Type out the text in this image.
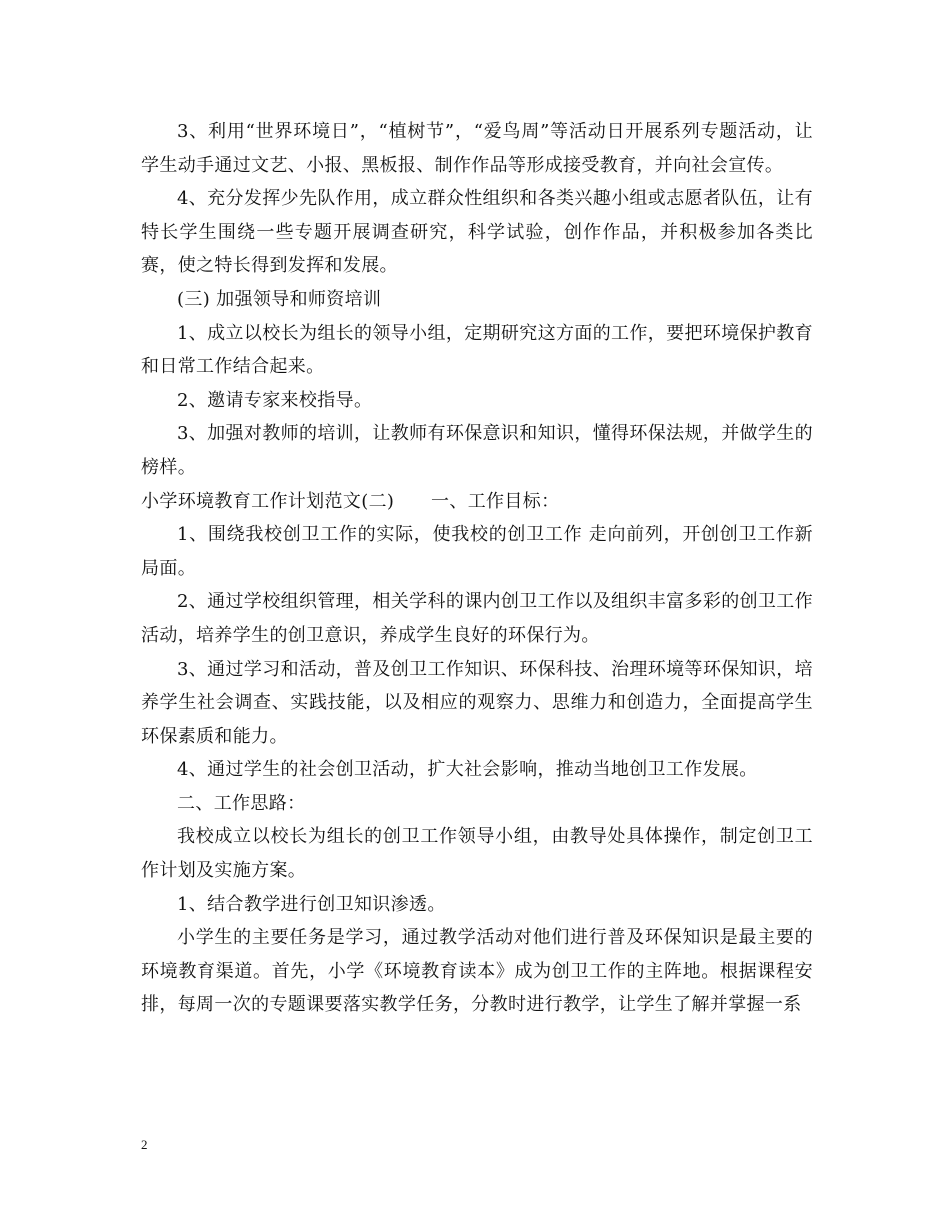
3、利用“世界环境日”，“植树节”，“爱鸟周”等活动日开展系列专题活动，让学生动手通过文艺、小报、黑板报、制作作品等形成接受教育，并向社会宣传。

4、充分发挥少先队作用，成立群众性组织和各类兴趣小组或志愿者队伍，让有特长学生围绕一些专题开展调查研究，科学试验，创作作品，并积极参加各类比赛，使之特长得到发挥和发展。

(三) 加强领导和师资培训

1、成立以校长为组长的领导小组，定期研究这方面的工作，要把环境保护教育和日常工作结合起来。

2、邀请专家来校指导。

3、加强对教师的培训，让教师有环保意识和知识，懂得环保法规，并做学生的榜样。

小学环境教育工作计划范文(二)　　一、工作目标：

1、围绕我校创卫工作的实际，使我校的创卫工作 走向前列，开创创卫工作新局面。

2、通过学校组织管理，相关学科的课内创卫工作以及组织丰富多彩的创卫工作活动，培养学生的创卫意识，养成学生良好的环保行为。

3、通过学习和活动，普及创卫工作知识、环保科技、治理环境等环保知识，培养学生社会调查、实践技能，以及相应的观察力、思维力和创造力，全面提高学生环保素质和能力。

4、通过学生的社会创卫活动，扩大社会影响，推动当地创卫工作发展。

二、工作思路：

我校成立以校长为组长的创卫工作领导小组，由教导处具体操作，制定创卫工作计划及实施方案。

1、结合教学进行创卫知识渗透。

小学生的主要任务是学习，通过教学活动对他们进行普及环保知识是最主要的环境教育渠道。首先，小学《环境教育读本》成为创卫工作的主阵地。根据课程安排，每周一次的专题课要落实教学任务，分教时进行教学，让学生了解并掌握一系

2
